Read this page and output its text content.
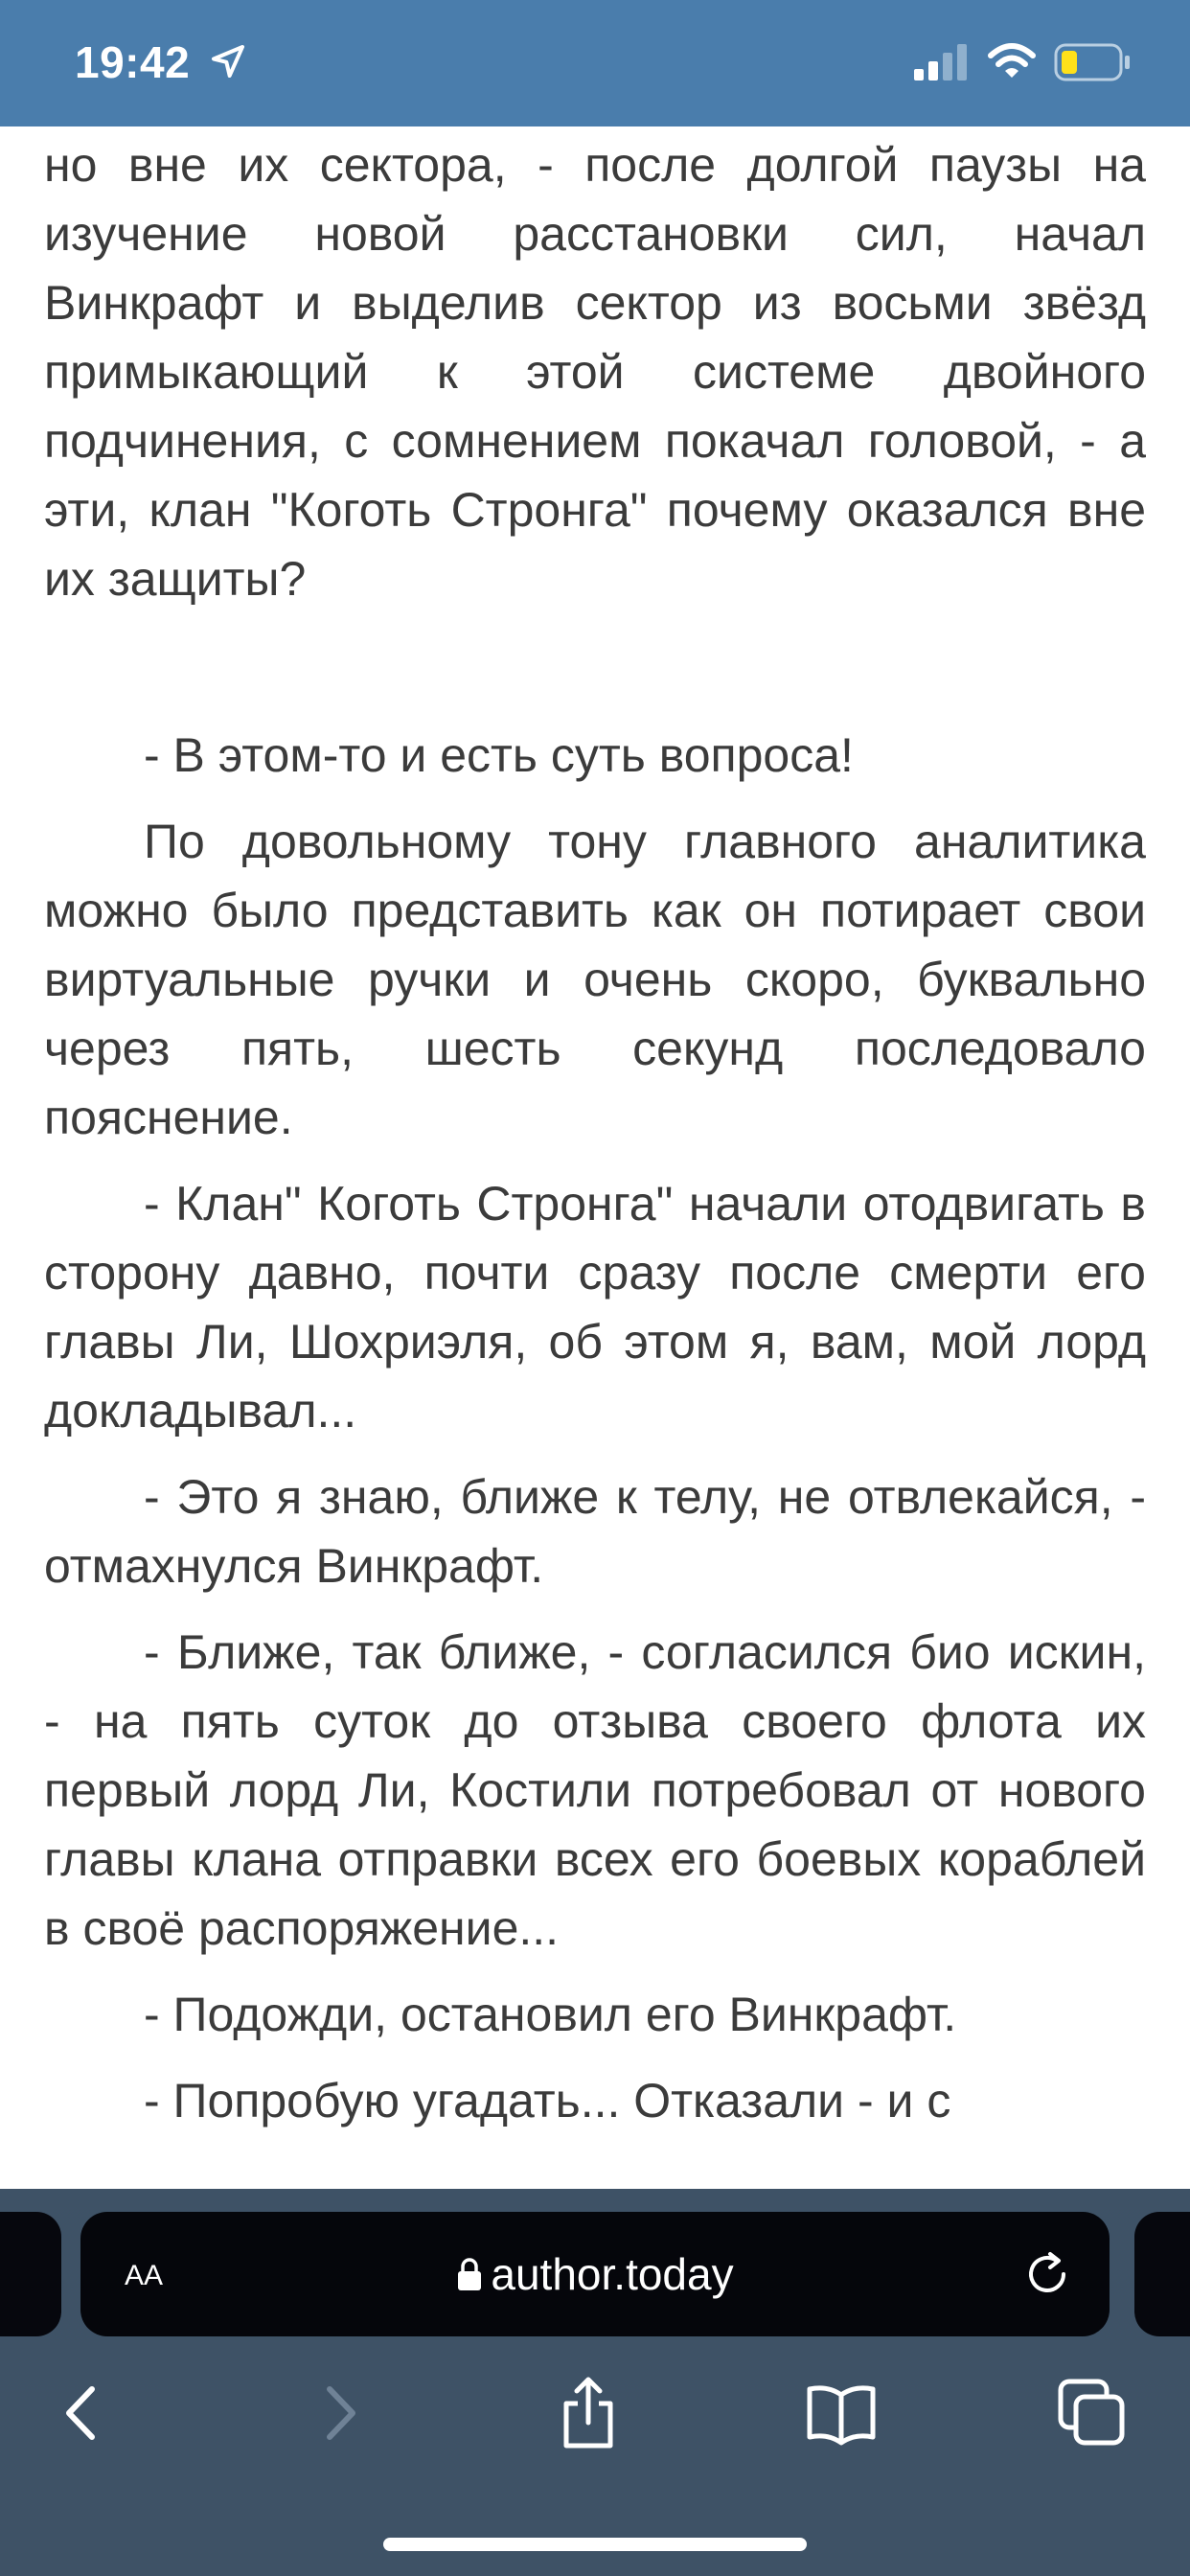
19:42

но вне их сектора, - после долгой паузы на изучение новой расстановки сил, начал Винкрафт и выделив сектор из восьми звёзд примыкающий к этой системе двойного подчинения, с сомнением покачал головой, - а эти, клан "Коготь Стронга" почему оказался вне их защиты?

- В этом-то и есть суть вопроса!

По довольному тону главного аналитика можно было представить как он потирает свои виртуальные ручки и очень скоро, буквально через пять, шесть секунд последовало пояснение.

- Клан" Коготь Стронга" начали отодвигать в сторону давно, почти сразу после смерти его главы Ли, Шохриэля, об этом я, вам, мой лорд докладывал...

- Это я знаю, ближе к телу, не отвлекайся, - отмахнулся Винкрафт.

- Ближе, так ближе, - согласился био искин, - на пять суток до отзыва своего флота их первый лорд Ли, Костили потребовал от нового главы клана отправки всех его боевых кораблей в своё распоряжение...

- Подожди, остановил его Винкрафт.

- Попробую угадать... Отказали - и с

AA	author.today
